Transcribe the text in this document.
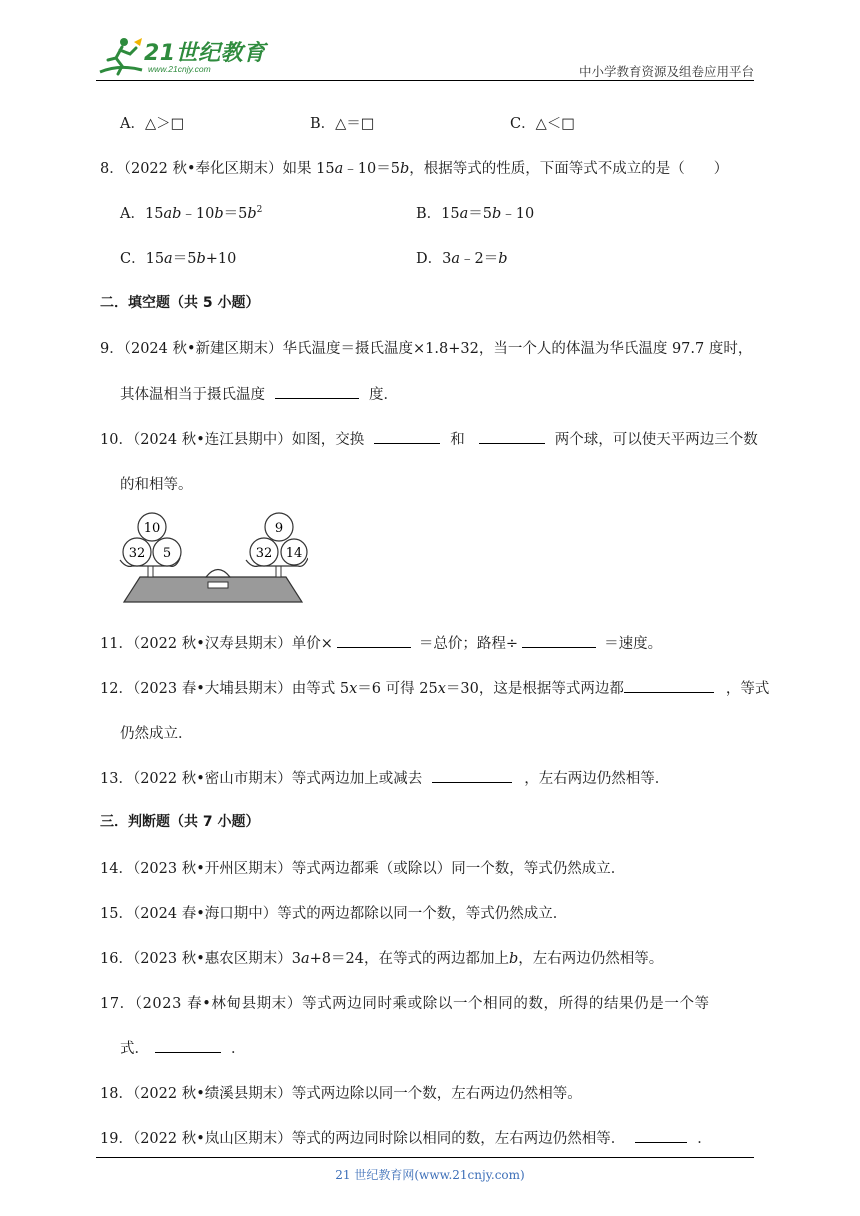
21世纪教育
www.21cnjy.com	中小学教育资源及组卷应用平台
A．△＞□	B．△＝□	C．△＜□
8．（2022 秋•奉化区期末）如果 15a﹣10＝5b，根据等式的性质，下面等式不成立的是（　　）
A．$15ab﹣10b=5b^2$	B．15a＝5b﹣10
C．15a＝5b+10	D．3a﹣2＝b
二．填空题（共 5 小题）
9．（2024 秋•新建区期末）华氏温度＝摄氏温度×1.8+32，当一个人的体温为华氏温度 97.7 度时，
其体温相当于摄氏温度	度．
10．（2024 秋•连江县期中）如图，交换	和	两个球，可以使天平两边三个数
的和相等。
10
32 5
9
32 14
11．（2022 秋•汉寿县期末）单价×	＝总价；路程÷	＝速度。
12．（2023 春•大埔县期末）由等式 5x＝6 可得 25x＝30，这是根据等式两边都	，等式
仍然成立．
13．（2022 秋•密山市期末）等式两边加上或减去	，左右两边仍然相等．
三．判断题（共 7 小题）
14．（2023 秋•开州区期末）等式两边都乘（或除以）同一个数，等式仍然成立．
15．（2024 春•海口期中）等式的两边都除以同一个数，等式仍然成立．
16．（2023 秋•惠农区期末）3a+8＝24，在等式的两边都加上b，左右两边仍然相等。
17．（2023 春•林甸县期末）等式两边同时乘或除以一个相同的数，所得的结果仍是一个等
式．	．
18．（2022 秋•绩溪县期末）等式两边除以同一个数，左右两边仍然相等。
19．（2022 秋•岚山区期末）等式的两边同时除以相同的数，左右两边仍然相等．	．
21 世纪教育网(www.21cnjy.com)
